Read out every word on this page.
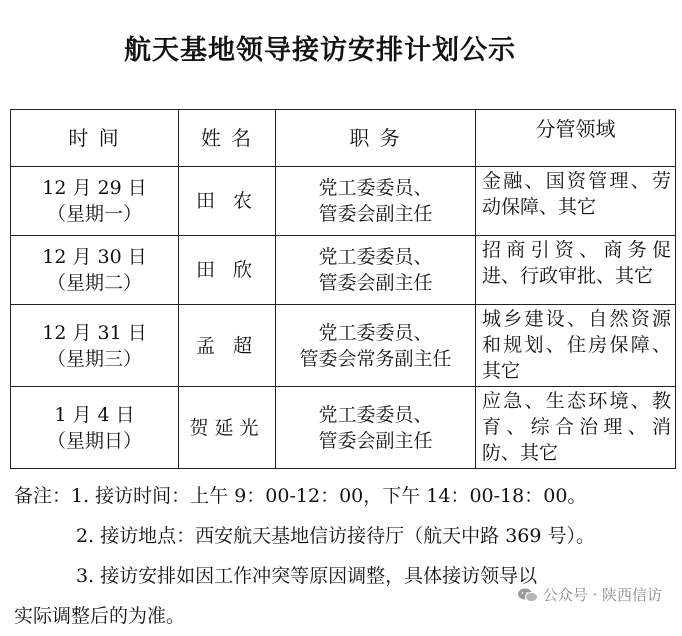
航天基地领导接访安排计划公示
时 间	姓 名	职 务	分管领域

12 月 29 日
（星期一）	田 农	党工委委员、
管委会副主任	金融、国资管理、劳动保障、其它

12 月 30 日
（星期二）	田 欣	党工委委员、
管委会副主任	招商引资、商务促进、行政审批、其它

12 月 31 日
（星期三）	孟 超	党工委委员、
管委会常务副主任	城乡建设、自然资源和规划、住房保障、其它

1 月 4 日
（星期日）	贺延光	党工委委员、
管委会副主任	应急、生态环境、教育、综合治理、消防、其它
备注：1. 接访时间：上午 9：00-12：00，下午 14：00-18：00。
2. 接访地点：西安航天基地信访接待厅（航天中路 369 号）。
3. 接访安排如因工作冲突等原因调整，具体接访领导以
实际调整后的为准。
公众号 · 陕西信访
